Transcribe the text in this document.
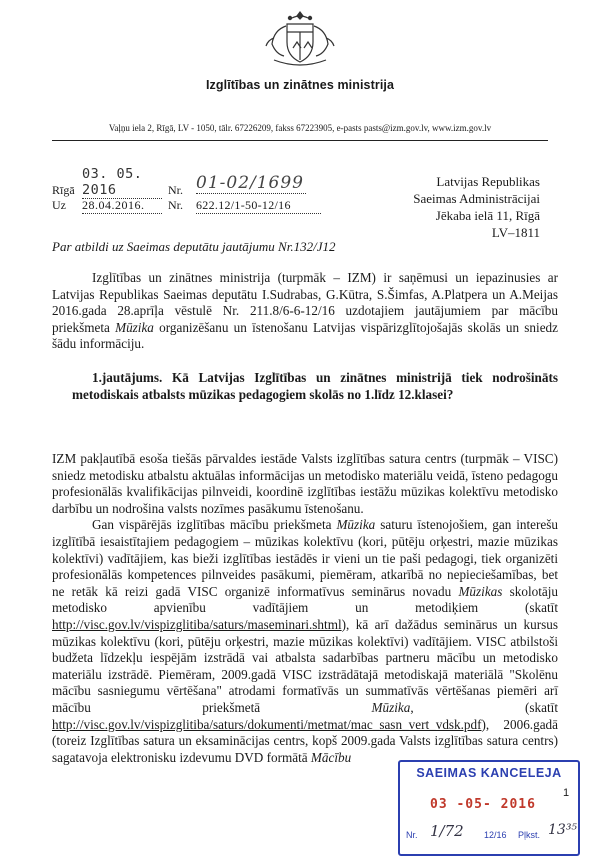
Izglītības un zinātnes ministrija
Vaļņu iela 2, Rīgā, LV - 1050, tālr. 67226209, fakss 67223905, e-pasts pasts@izm.gov.lv, www.izm.gov.lv
Rīgā
03. 05. 2016	Nr. 01-02/1699
Uz 28.04.2016.	Nr. 622.12/1-50-12/16
Latvijas Republikas
Saeimas Administrācijai
Jēkaba ielā 11, Rīgā
LV–1811
Par atbildi uz Saeimas deputātu jautājumu Nr.132/J12

Izglītības un zinātnes ministrija (turpmāk – IZM) ir saņēmusi un iepazinusies ar Latvijas Republikas Saeimas deputātu I.Sudrabas, G.Kūtra, S.Šimfas, A.Platpera un A.Meijas 2016.gada 28.aprīļa vēstulē Nr. 211.8/6-6-12/16 uzdotajiem jautājumiem par mācību priekšmeta Mūzika organizēšanu un īstenošanu Latvijas vispārizglītojošajās skolās un sniedz šādu informāciju.

1.jautājums. Kā Latvijas Izglītības un zinātnes ministrijā tiek nodrošināts metodiskais atbalsts mūzikas pedagogiem skolās no 1.līdz 12.klasei?

IZM pakļautībā esoša tiešās pārvaldes iestāde Valsts izglītības satura centrs (turpmāk – VISC) sniedz metodisku atbalstu aktuālas informācijas un metodisko materiālu veidā, īsteno pedagogu profesionālās kvalifikācijas pilnveidi, koordinē izglītības iestāžu mūzikas kolektīvu metodisko darbību un nodrošina valsts nozīmes pasākumu īstenošanu.

Gan vispārējās izglītības mācību priekšmeta Mūzika saturu īstenojošiem, gan interešu izglītībā iesaistītajiem pedagogiem – mūzikas kolektīvu (kori, pūtēju orķestri, mazie mūzikas kolektīvi) vadītājiem, kas bieži izglītības iestādēs ir vieni un tie paši pedagogi, tiek organizēti profesionālās kompetences pilnveides pasākumi, piemēram, atkarībā no nepieciešamības, bet ne retāk kā reizi gadā VISC organizē informatīvus seminārus novadu Mūzikas skolotāju metodisko apvienību vadītājiem un metodiķiem (skatīt http://visc.gov.lv/vispizglitiba/saturs/maseminari.shtml), kā arī dažādus seminārus un kursus mūzikas kolektīvu (kori, pūtēju orķestri, mazie mūzikas kolektīvi) vadītājiem. VISC atbilstoši budžeta līdzekļu iespējām izstrādā vai atbalsta sadarbības partneru mācību un metodisko materiālu izstrādē. Piemēram, 2009.gadā VISC izstrādātajā metodiskajā materiālā "Skolēnu mācību sasniegumu vērtēšana" atrodami formatīvās un summatīvās vērtēšanas piemēri arī mācību priekšmetā Mūzika, (skatīt http://visc.gov.lv/vispizglitiba/saturs/dokumenti/metmat/mac_sasn_vert_vdsk.pdf), 2006.gadā (toreiz Izglītības satura un eksaminācijas centrs, kopš 2009.gada Valsts izglītības satura centrs) sagatavoja elektronisku izdevumu DVD formātā Mācību

SAEIMAS KANCELEJA
03 -05- 2016
Nr. 1/72 12/16 Pļkst. 13³⁵
1
